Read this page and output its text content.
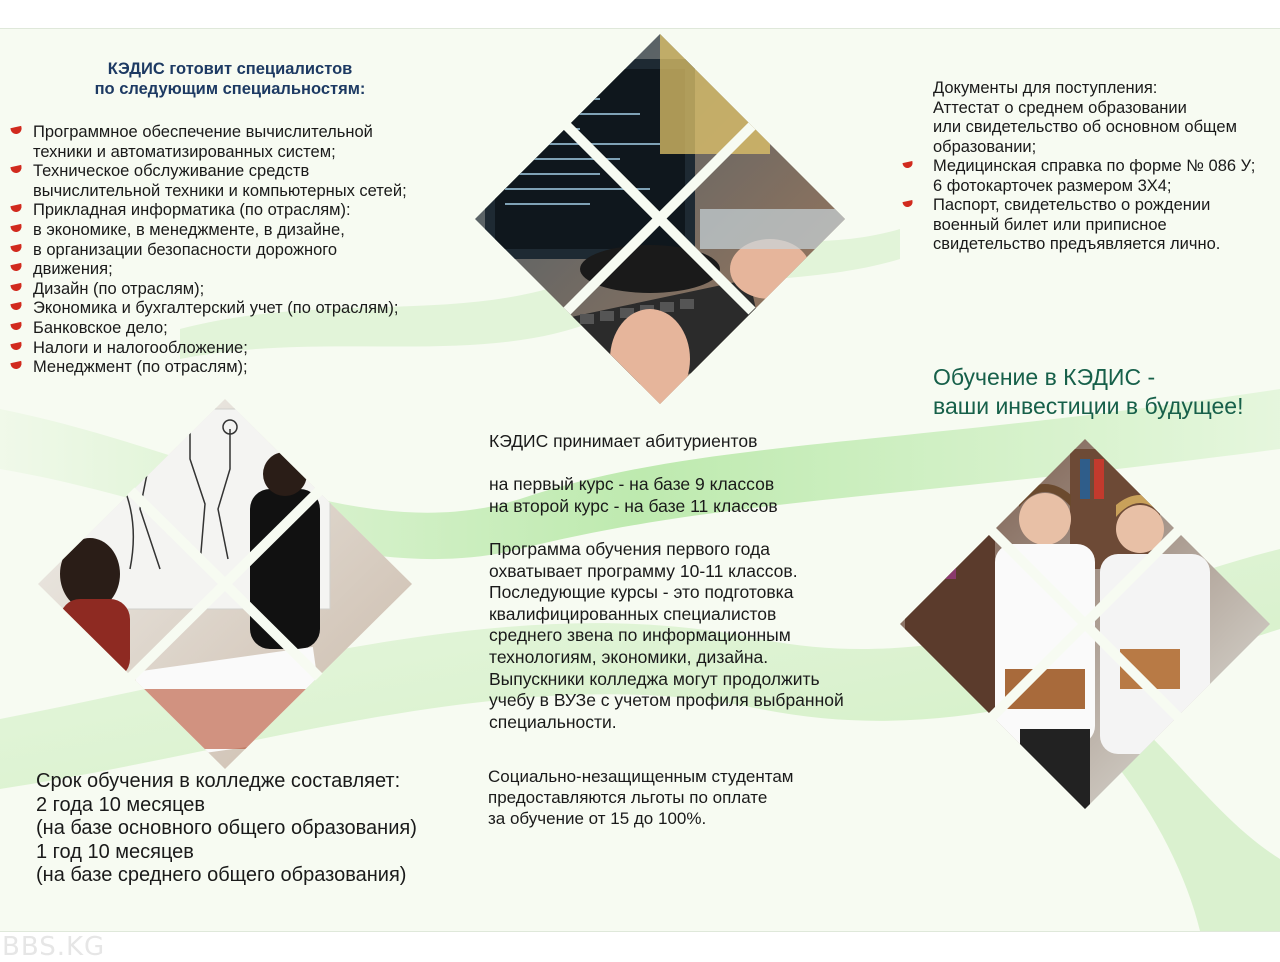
КЭДИС готовит специалистов
по следующим специальностям:
Программное обеспечение вычислительной
техники и автоматизированных систем;
Техническое обслуживание средств
вычислительной техники и компьютерных сетей;
Прикладная информатика (по отраслям):
в экономике, в менеджменте, в дизайне,
в организации безопасности дорожного
движения;
Дизайн (по отраслям);
Экономика и бухгалтерский учет (по отраслям);
Банковское дело;
Налоги и налогообложение;
Менеджмент (по отраслям);
Документы для поступления:
Аттестат о среднем образовании
или свидетельство об основном общем
образовании;
Медицинская справка по форме № 086 У;
6 фотокарточек размером 3Х4;
Паспорт, свидетельство о рождении
военный билет или приписное
свидетельство предъявляется лично.
Обучение в КЭДИС -
ваши инвестиции в будущее!

КЭДИС принимает абитуриентов

на первый курс - на базе 9 классов

на второй курс - на базе 11 классов

Программа обучения первого года

охватывает программу 10-11 классов.

Последующие курсы - это подготовка

квалифицированных специалистов

среднего звена по информационным

технологиям, экономики, дизайна.

Выпускники колледжа могут продолжить

учебу в ВУЗе с учетом профиля выбранной

специальности.

Социально-незащищенным студентам

предоставляются льготы по оплате

за обучение от 15 до 100%.

Срок обучения в колледже составляет:

2 года 10 месяцев

(на базе основного общего образования)

1 год 10 месяцев

(на базе среднего общего образования)

BBS.KG
